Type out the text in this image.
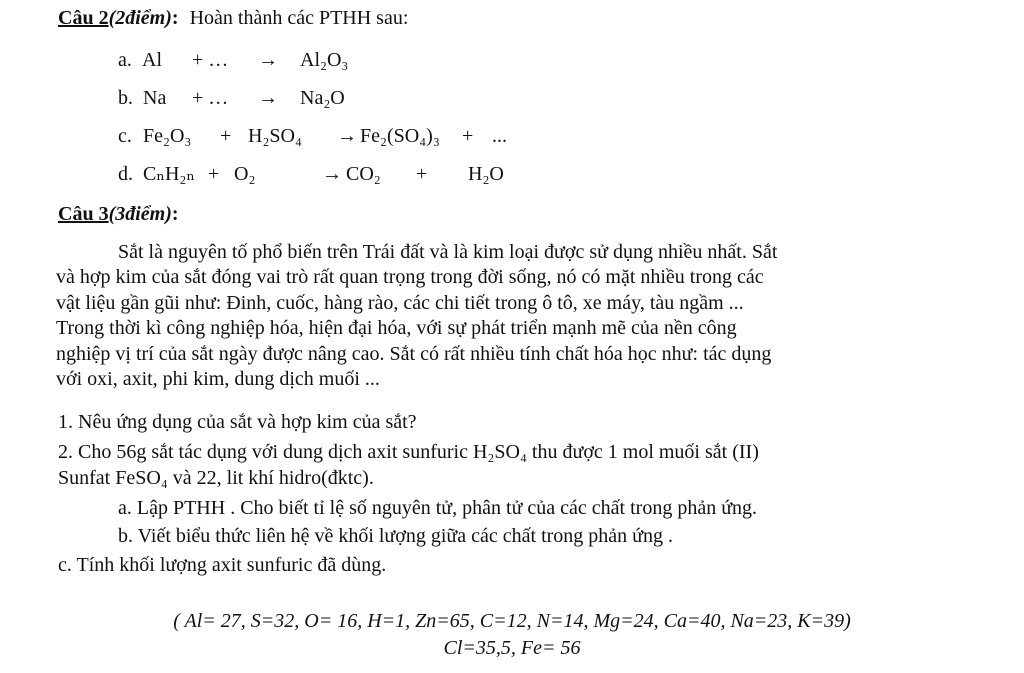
Câu 2(2điểm): Hoàn thành các PTHH sau:
a. Al + … → Al₂O₃
b. Na + … → Na₂O
c. Fe₂O₃ + H₂SO₄ → Fe₂(SO₄)₃ + ...
d. CₙH₂ₙ + O₂	→ CO₂ + H₂O
Câu 3(3điểm):
Sắt là nguyên tố phổ biến trên Trái đất và là kim loại được sử dụng nhiều nhất. Sắt
và hợp kim của sắt đóng vai trò rất quan trọng trong đời sống, nó có mặt nhiều trong các
vật liệu gần gũi như: Đinh, cuốc, hàng rào, các chi tiết trong ô tô, xe máy, tàu ngầm ...
Trong thời kì công nghiệp hóa, hiện đại hóa, với sự phát triển mạnh mẽ của nền công
nghiệp vị trí của sắt ngày được nâng cao. Sắt có rất nhiều tính chất hóa học như: tác dụng
với oxi, axit, phi kim, dung dịch muối ...
1. Nêu ứng dụng của sắt và hợp kim của sắt?
2. Cho 56g sắt tác dụng với dung dịch axit sunfuric H₂SO₄ thu được 1 mol muối sắt (II)
Sunfat FeSO₄ và 22, lit khí hidro(đktc).
a. Lập PTHH . Cho biết tỉ lệ số nguyên tử, phân tử của các chất trong phản ứng.
b. Viết biểu thức liên hệ về khối lượng giữa các chất trong phản ứng .
c. Tính khối lượng axit sunfuric đã dùng.
( Al= 27, S=32, O= 16, H=1, Zn=65, C=12, N=14, Mg=24, Ca=40, Na=23, K=39)
Cl=35,5, Fe= 56
